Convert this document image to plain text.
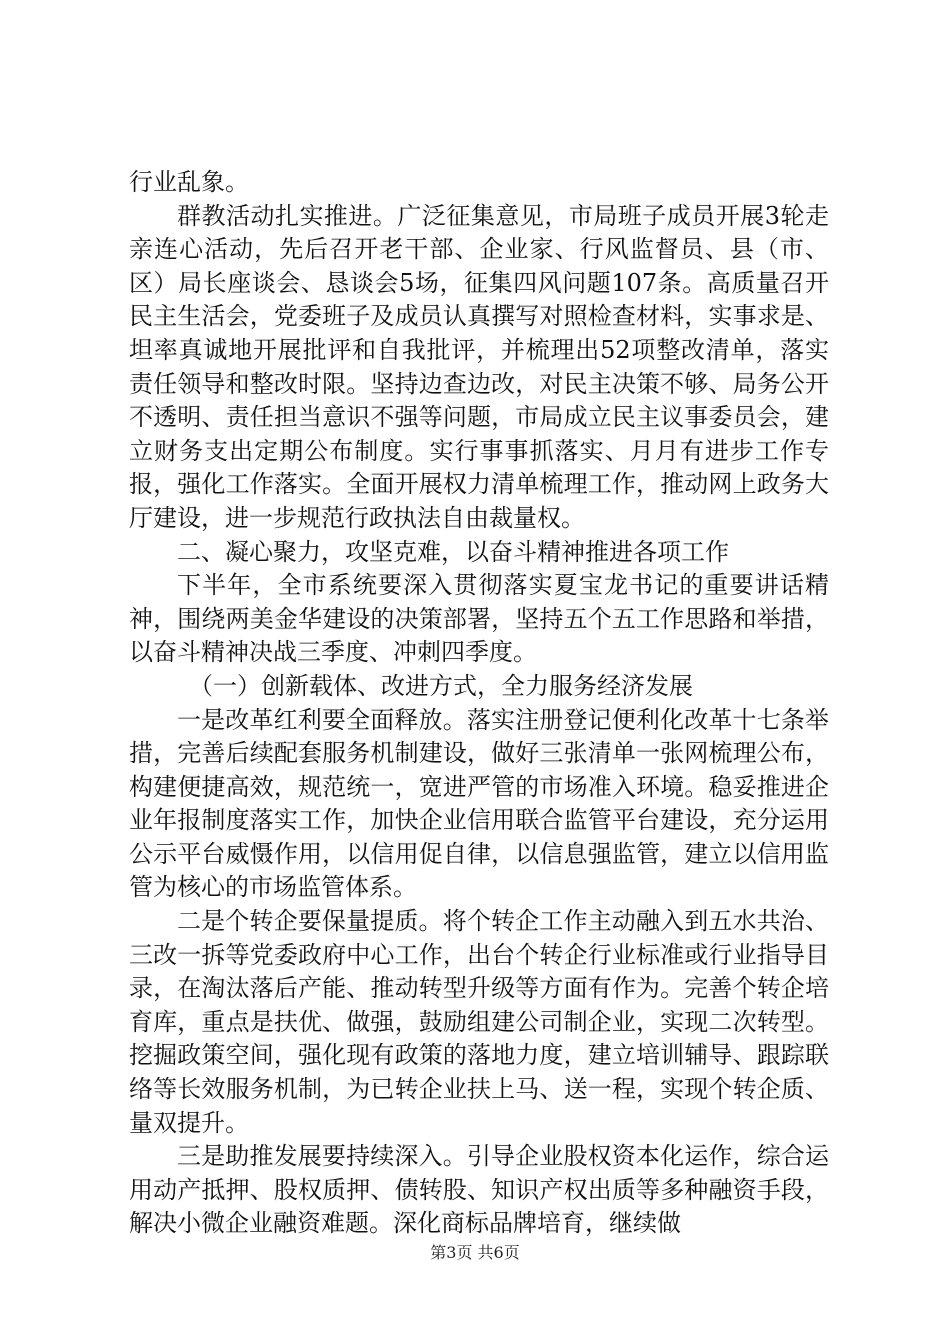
行业乱象。

群教活动扎实推进。广泛征集意见，市局班子成员开展3轮走亲连心活动，先后召开老干部、企业家、行风监督员、县（市、区）局长座谈会、恳谈会5场，征集四风问题107条。高质量召开民主生活会，党委班子及成员认真撰写对照检查材料，实事求是、坦率真诚地开展批评和自我批评，并梳理出52项整改清单，落实责任领导和整改时限。坚持边查边改，对民主决策不够、局务公开不透明、责任担当意识不强等问题，市局成立民主议事委员会，建立财务支出定期公布制度。实行事事抓落实、月月有进步工作专报，强化工作落实。全面开展权力清单梳理工作，推动网上政务大厅建设，进一步规范行政执法自由裁量权。

二、凝心聚力，攻坚克难，以奋斗精神推进各项工作

下半年，全市系统要深入贯彻落实夏宝龙书记的重要讲话精神，围绕两美金华建设的决策部署，坚持五个五工作思路和举措，以奋斗精神决战三季度、冲刺四季度。

（一）创新载体、改进方式，全力服务经济发展

一是改革红利要全面释放。落实注册登记便利化改革十七条举措，完善后续配套服务机制建设，做好三张清单一张网梳理公布，构建便捷高效，规范统一，宽进严管的市场准入环境。稳妥推进企业年报制度落实工作，加快企业信用联合监管平台建设，充分运用公示平台威慑作用，以信用促自律，以信息强监管，建立以信用监管为核心的市场监管体系。

二是个转企要保量提质。将个转企工作主动融入到五水共治、三改一拆等党委政府中心工作，出台个转企行业标准或行业指导目录，在淘汰落后产能、推动转型升级等方面有作为。完善个转企培育库，重点是扶优、做强，鼓励组建公司制企业，实现二次转型。挖掘政策空间，强化现有政策的落地力度，建立培训辅导、跟踪联络等长效服务机制，为已转企业扶上马、送一程，实现个转企质、量双提升。

三是助推发展要持续深入。引导企业股权资本化运作，综合运用动产抵押、股权质押、债转股、知识产权出质等多种融资手段，解决小微企业融资难题。深化商标品牌培育，继续做

第3页 共6页
